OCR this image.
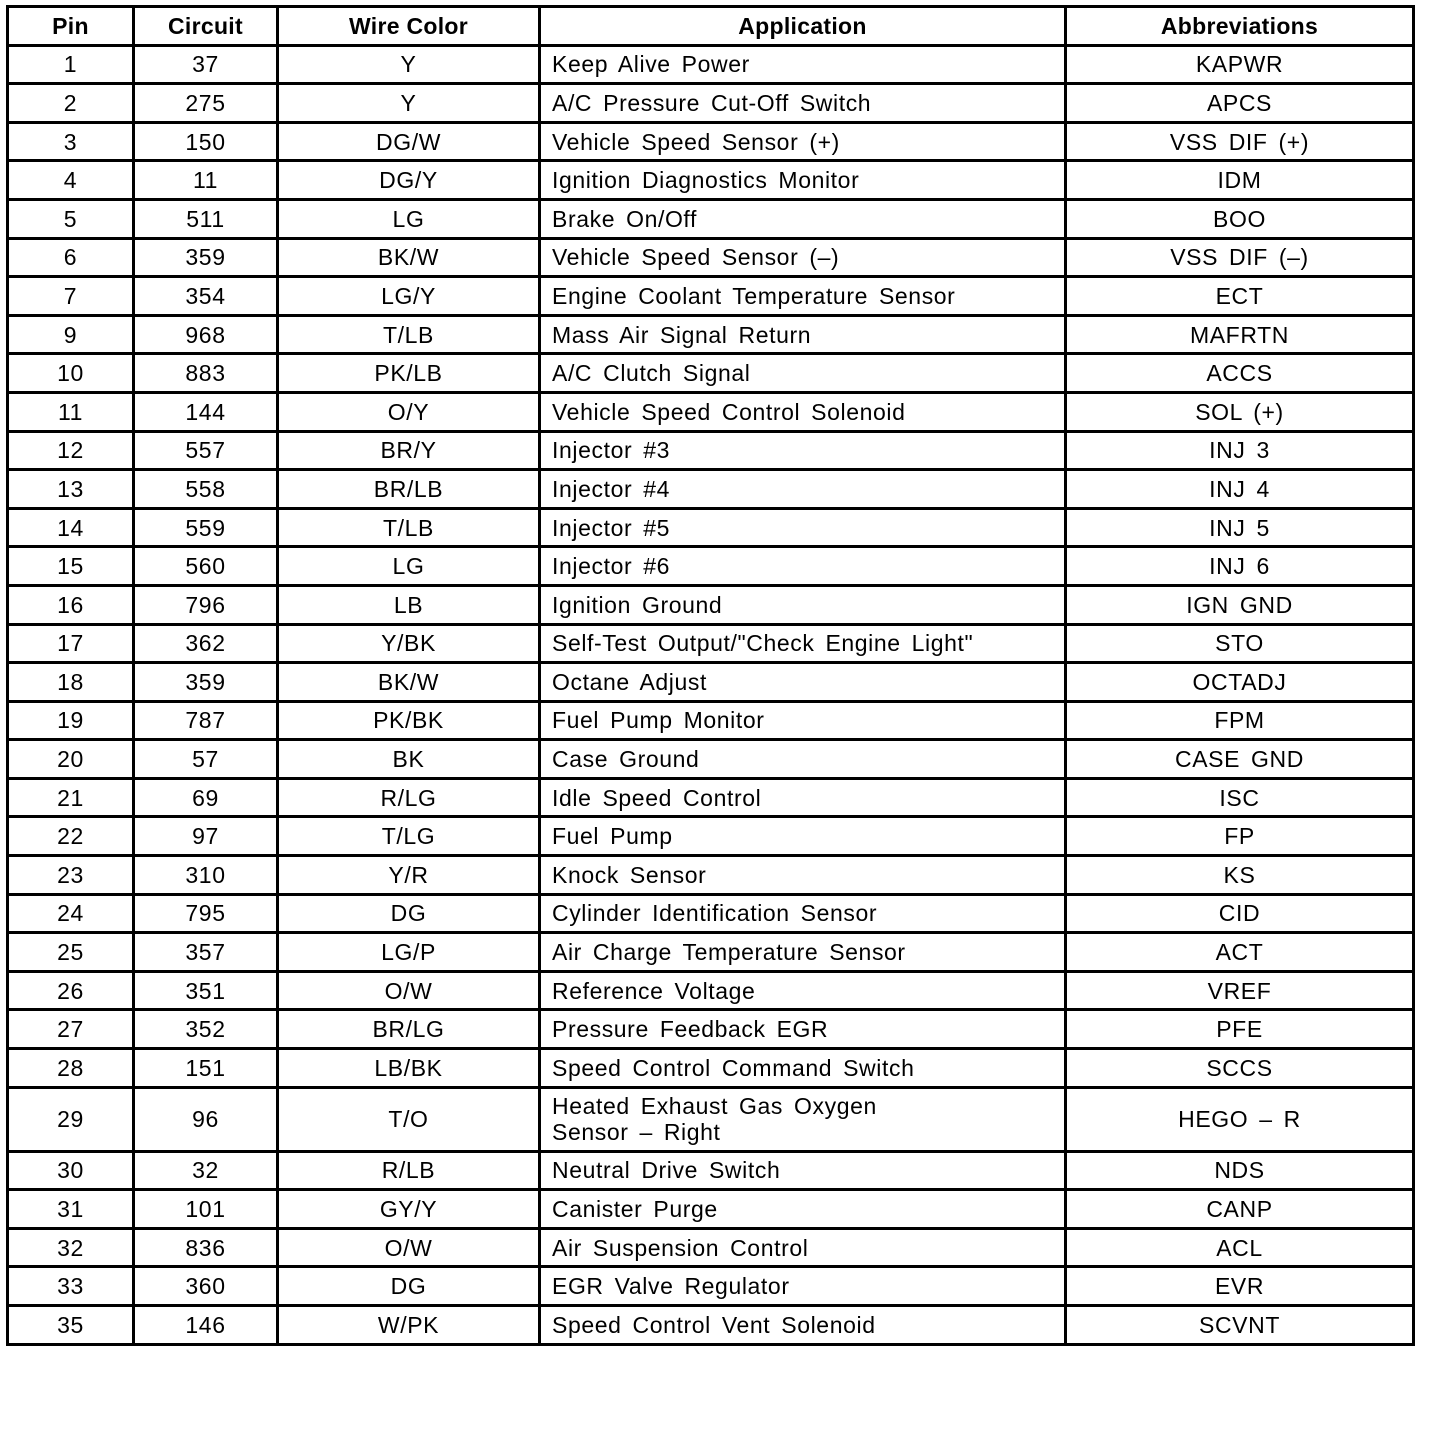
Pin	Circuit	Wire Color	Application	Abbreviations
1	37	Y	Keep Alive Power	KAPWR
2	275	Y	A/C Pressure Cut-Off Switch	APCS
3	150	DG/W	Vehicle Speed Sensor (+)	VSS DIF (+)
4	11	DG/Y	Ignition Diagnostics Monitor	IDM
5	511	LG	Brake On/Off	BOO
6	359	BK/W	Vehicle Speed Sensor (–)	VSS DIF (–)
7	354	LG/Y	Engine Coolant Temperature Sensor	ECT
9	968	T/LB	Mass Air Signal Return	MAFRTN
10	883	PK/LB	A/C Clutch Signal	ACCS
11	144	O/Y	Vehicle Speed Control Solenoid	SOL (+)
12	557	BR/Y	Injector #3	INJ 3
13	558	BR/LB	Injector #4	INJ 4
14	559	T/LB	Injector #5	INJ 5
15	560	LG	Injector #6	INJ 6
16	796	LB	Ignition Ground	IGN GND
17	362	Y/BK	Self-Test Output/"Check Engine Light"	STO
18	359	BK/W	Octane Adjust	OCTADJ
19	787	PK/BK	Fuel Pump Monitor	FPM
20	57	BK	Case Ground	CASE GND
21	69	R/LG	Idle Speed Control	ISC
22	97	T/LG	Fuel Pump	FP
23	310	Y/R	Knock Sensor	KS
24	795	DG	Cylinder Identification Sensor	CID
25	357	LG/P	Air Charge Temperature Sensor	ACT
26	351	O/W	Reference Voltage	VREF
27	352	BR/LG	Pressure Feedback EGR	PFE
28	151	LB/BK	Speed Control Command Switch	SCCS
29	96	T/O	Heated Exhaust Gas Oxygen
Sensor – Right	HEGO – R
30	32	R/LB	Neutral Drive Switch	NDS
31	101	GY/Y	Canister Purge	CANP
32	836	O/W	Air Suspension Control	ACL
33	360	DG	EGR Valve Regulator	EVR
35	146	W/PK	Speed Control Vent Solenoid	SCVNT
